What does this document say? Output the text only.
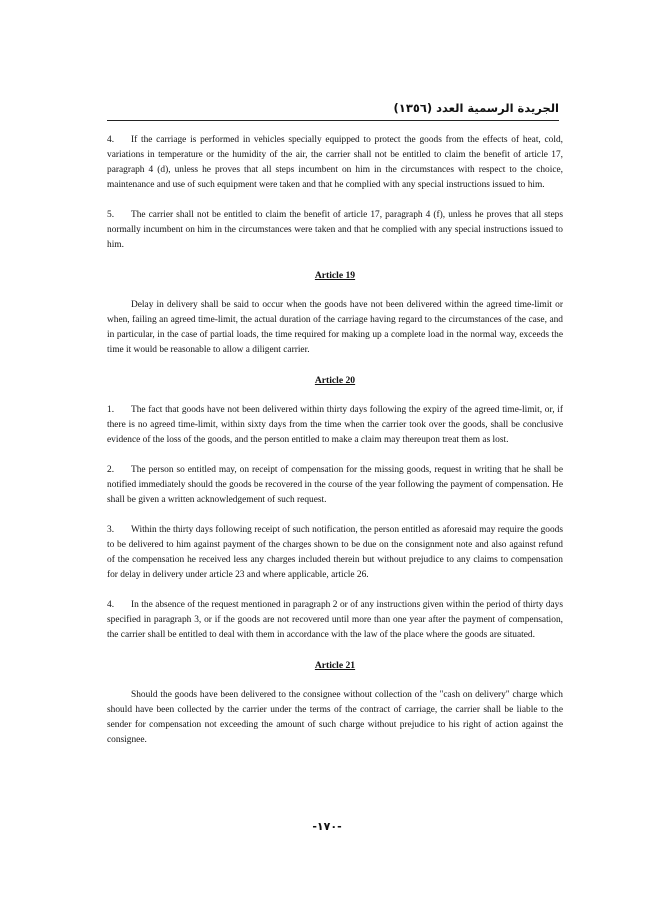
الجريدة الرسمية العدد (١٣٥٦)

4. If the carriage is performed in vehicles specially equipped to protect the goods from the effects of heat, cold, variations in temperature or the humidity of the air, the carrier shall not be entitled to claim the benefit of article 17, paragraph 4 (d), unless he proves that all steps incumbent on him in the circumstances with respect to the choice, maintenance and use of such equipment were taken and that he complied with any special instructions issued to him.

5. The carrier shall not be entitled to claim the benefit of article 17, paragraph 4 (f), unless he proves that all steps normally incumbent on him in the circumstances were taken and that he complied with any special instructions issued to him.

Article 19

Delay in delivery shall be said to occur when the goods have not been delivered within the agreed time-limit or when, failing an agreed time-limit, the actual duration of the carriage having regard to the circumstances of the case, and in particular, in the case of partial loads, the time required for making up a complete load in the normal way, exceeds the time it would be reasonable to allow a diligent carrier.

Article 20

1. The fact that goods have not been delivered within thirty days following the expiry of the agreed time-limit, or, if there is no agreed time-limit, within sixty days from the time when the carrier took over the goods, shall be conclusive evidence of the loss of the goods, and the person entitled to make a claim may thereupon treat them as lost.

2. The person so entitled may, on receipt of compensation for the missing goods, request in writing that he shall be notified immediately should the goods be recovered in the course of the year following the payment of compensation. He shall be given a written acknowledgement of such request.

3. Within the thirty days following receipt of such notification, the person entitled as aforesaid may require the goods to be delivered to him against payment of the charges shown to be due on the consignment note and also against refund of the compensation he received less any charges included therein but without prejudice to any claims to compensation for delay in delivery under article 23 and where applicable, article 26.

4. In the absence of the request mentioned in paragraph 2 or of any instructions given within the period of thirty days specified in paragraph 3, or if the goods are not recovered until more than one year after the payment of compensation, the carrier shall be entitled to deal with them in accordance with the law of the place where the goods are situated.

Article 21

Should the goods have been delivered to the consignee without collection of the "cash on delivery" charge which should have been collected by the carrier under the terms of the contract of carriage, the carrier shall be liable to the sender for compensation not exceeding the amount of such charge without prejudice to his right of action against the consignee.

-١٧٠-
